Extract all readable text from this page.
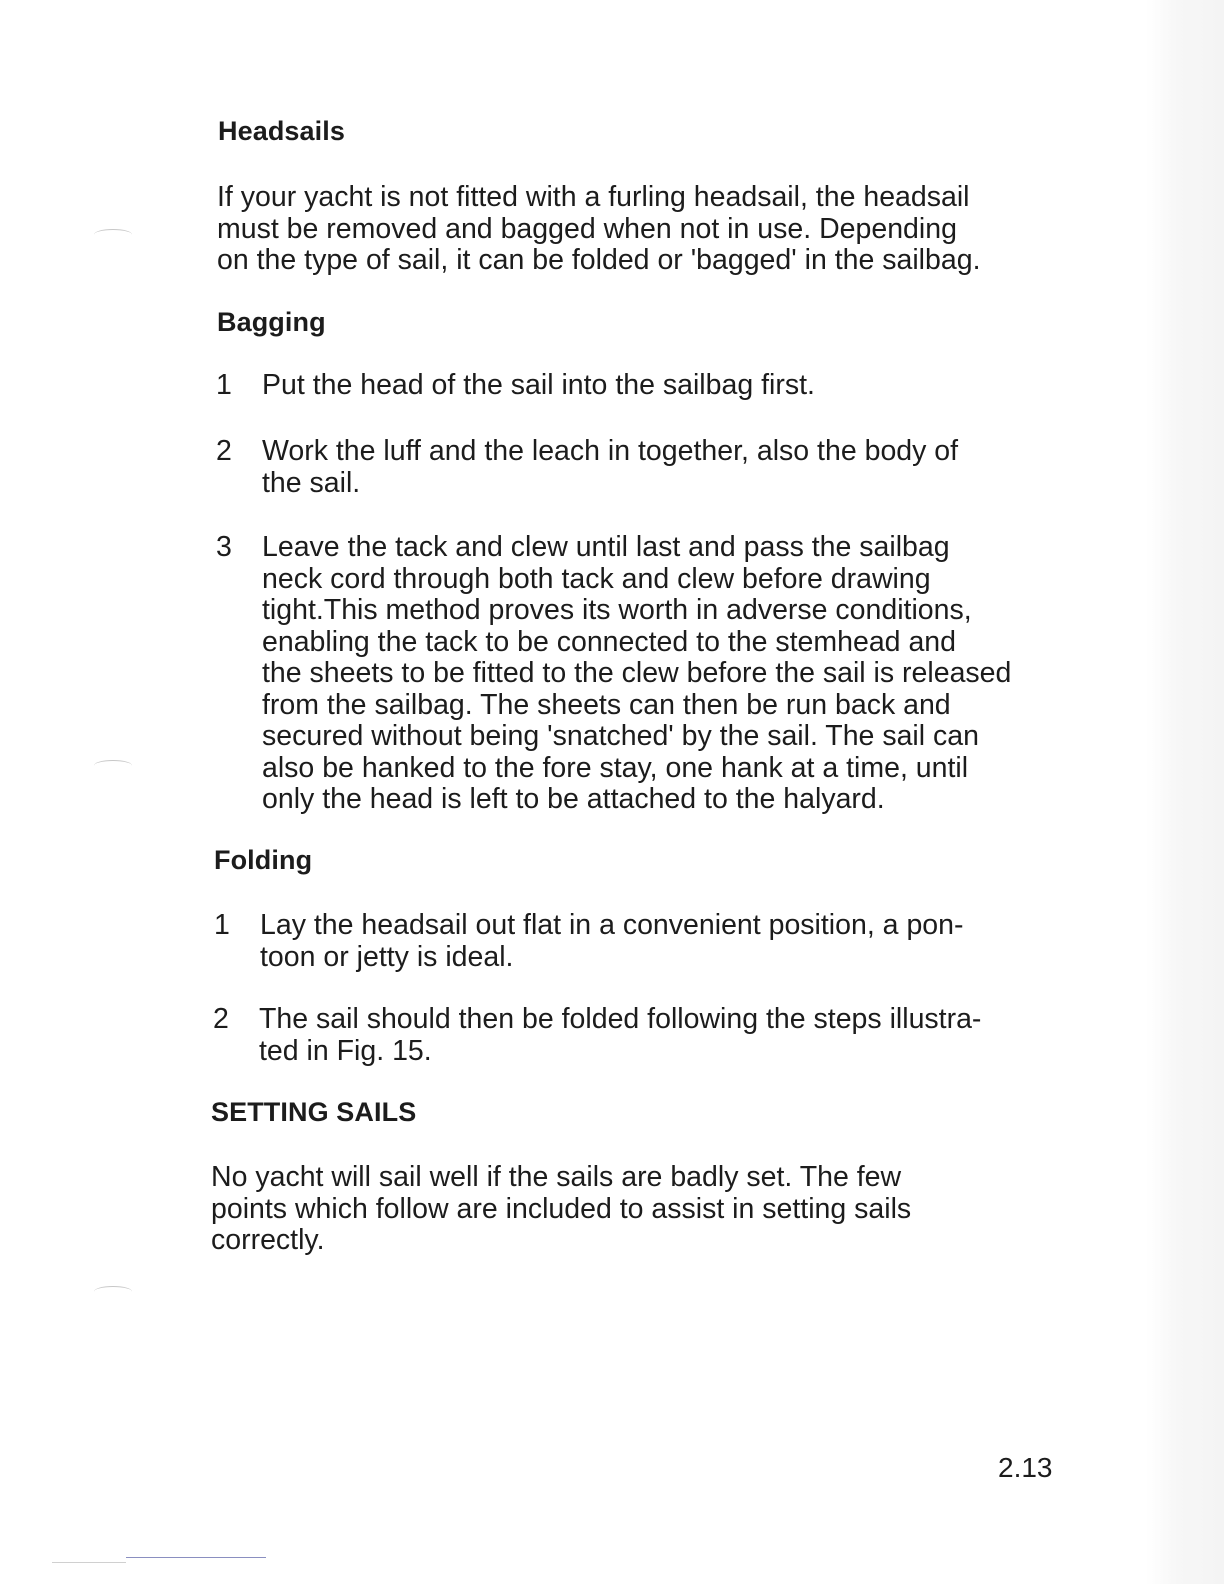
Headsails
If your yacht is not fitted with a furling headsail, the headsail
must be removed and bagged when not in use. Depending
on the type of sail, it can be folded or 'bagged' in the sailbag.
Bagging
1 Put the head of the sail into the sailbag first.
2 Work the luff and the leach in together, also the body of
the sail.
3 Leave the tack and clew until last and pass the sailbag
neck cord through both tack and clew before drawing
tight.This method proves its worth in adverse conditions,
enabling the tack to be connected to the stemhead and
the sheets to be fitted to the clew before the sail is released
from the sailbag. The sheets can then be run back and
secured without being 'snatched' by the sail. The sail can
also be hanked to the fore stay, one hank at a time, until
only the head is left to be attached to the halyard.
Folding
1 Lay the headsail out flat in a convenient position, a pon-
toon or jetty is ideal.
2 The sail should then be folded following the steps illustra-
ted in Fig. 15.
SETTING SAILS
No yacht will sail well if the sails are badly set. The few
points which follow are included to assist in setting sails
correctly.
2.13
